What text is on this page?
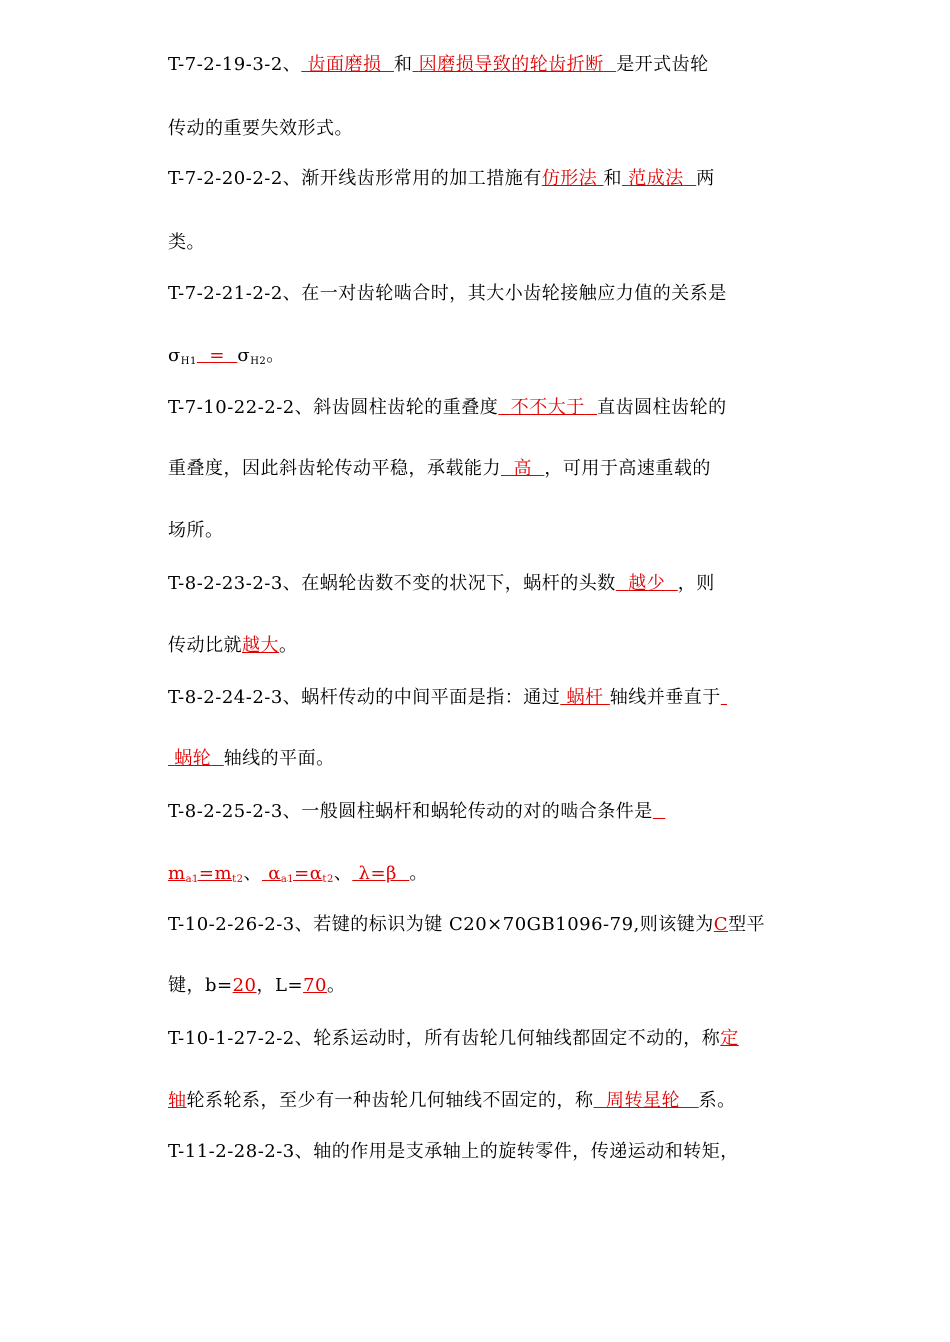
T-7-2-19-3-2、 齿面磨损 和 因磨损导致的轮齿折断 是开式齿轮
传动的重要失效形式。
T-7-2-20-2-2、渐开线齿形常用的加工措施有仿形法 和 范成法 两
类。
T-7-2-21-2-2、在一对齿轮啮合时，其大小齿轮接触应力值的关系是
$\sigma_{H1} = \sigma_{H2}$。
T-7-10-22-2-2、斜齿圆柱齿轮的重叠度 不不大于 直齿圆柱齿轮的
重叠度，因此斜齿轮传动平稳，承载能力 高 ，可用于高速重载的
场所。
T-8-2-23-2-3、在蜗轮齿数不变的状况下，蜗杆的头数 越少 ，则
传动比就越大。
T-8-2-24-2-3、蜗杆传动的中间平面是指：通过 蜗杆 轴线并垂直于
蜗轮 轴线的平面。
T-8-2-25-2-3、一般圆柱蜗杆和蜗轮传动的对的啮合条件是
$m_{a1}=m_{t2}$、 $\alpha_{a1}=\alpha_{t2}$、 λ=β 。
T-10-2-26-2-3、若键的标识为键 C20×70GB1096-79,则该键为C型平
键，b=20，L=70。
T-10-1-27-2-2、轮系运动时，所有齿轮几何轴线都固定不动的，称定
轴轮系轮系，至少有一种齿轮几何轴线不固定的，称 周转星轮 系。
T-11-2-28-2-3、轴的作用是支承轴上的旋转零件，传递运动和转矩，
